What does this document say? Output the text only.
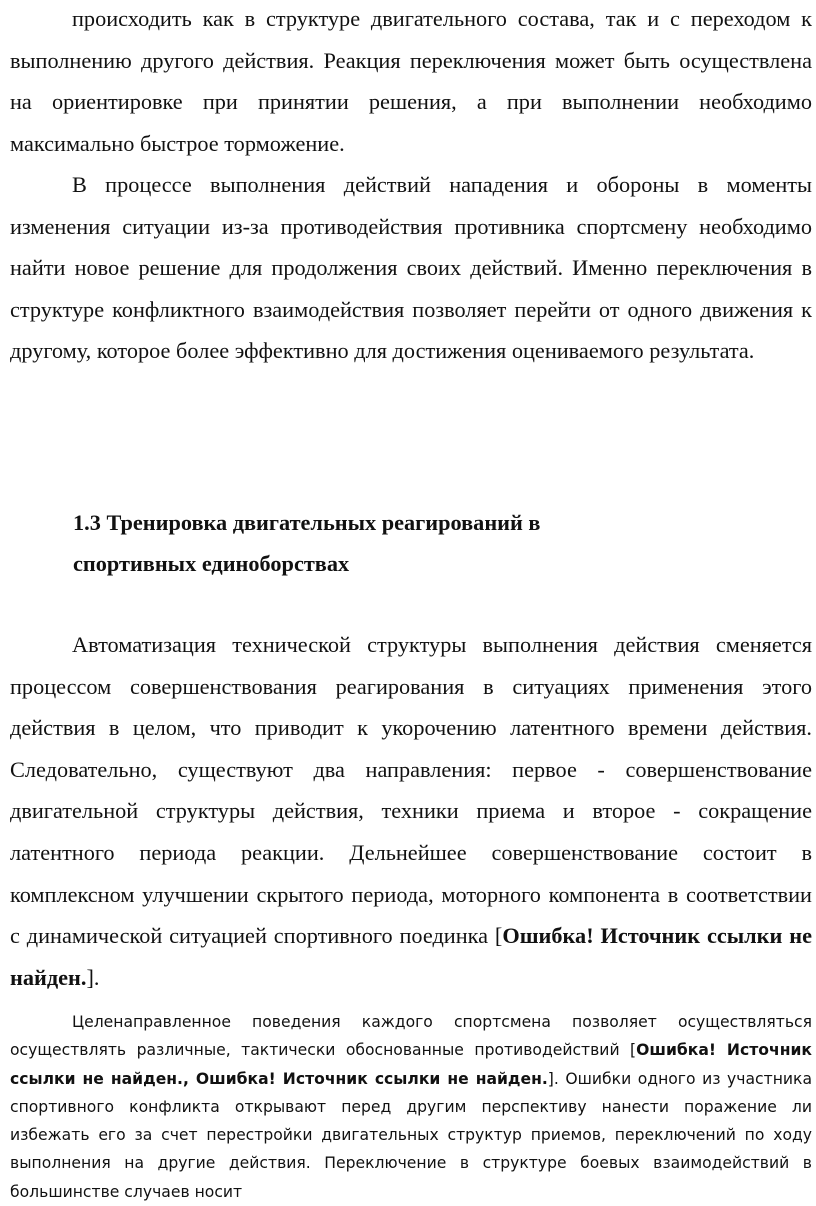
происходить как в структуре двигательного состава, так и с переходом к выполнению другого действия. Реакция переключения может быть осуществлена на ориентировке при принятии решения, а при выполнении необходимо максимально быстрое торможение.

В процессе выполнения действий нападения и обороны в моменты изменения ситуации из-за противодействия противника спортсмену необходимо найти новое решение для продолжения своих действий. Именно переключения в структуре конфликтного взаимодействия позволяет перейти от одного движения к другому, которое более эффективно для достижения оцениваемого результата.

1.3 Тренировка двигательных реагирований в
спортивных единоборствах

Автоматизация технической структуры выполнения действия сменяется процессом совершенствования реагирования в ситуациях применения этого действия в целом, что приводит к укорочению латентного времени действия. Следовательно, существуют два направления: первое - совершенствование двигательной структуры действия, техники приема и второе - сокращение латентного периода реакции. Дельнейшее совершенствование состоит в комплексном улучшении скрытого периода, моторного компонента в соответствии с динамической ситуацией спортивного поединка [Ошибка! Источник ссылки не найден.].

Целенаправленное поведения каждого спортсмена позволяет осуществляться осуществлять различные, тактически обоснованные противодействий [Ошибка! Источник ссылки не найден., Ошибка! Источник ссылки не найден.]. Ошибки одного из участника спортивного конфликта открывают перед другим перспективу нанести поражение ли избежать его за счет перестройки двигательных структур приемов, переключений по ходу выполнения на другие действия. Переключение в структуре боевых взаимодействий в большинстве случаев носит
